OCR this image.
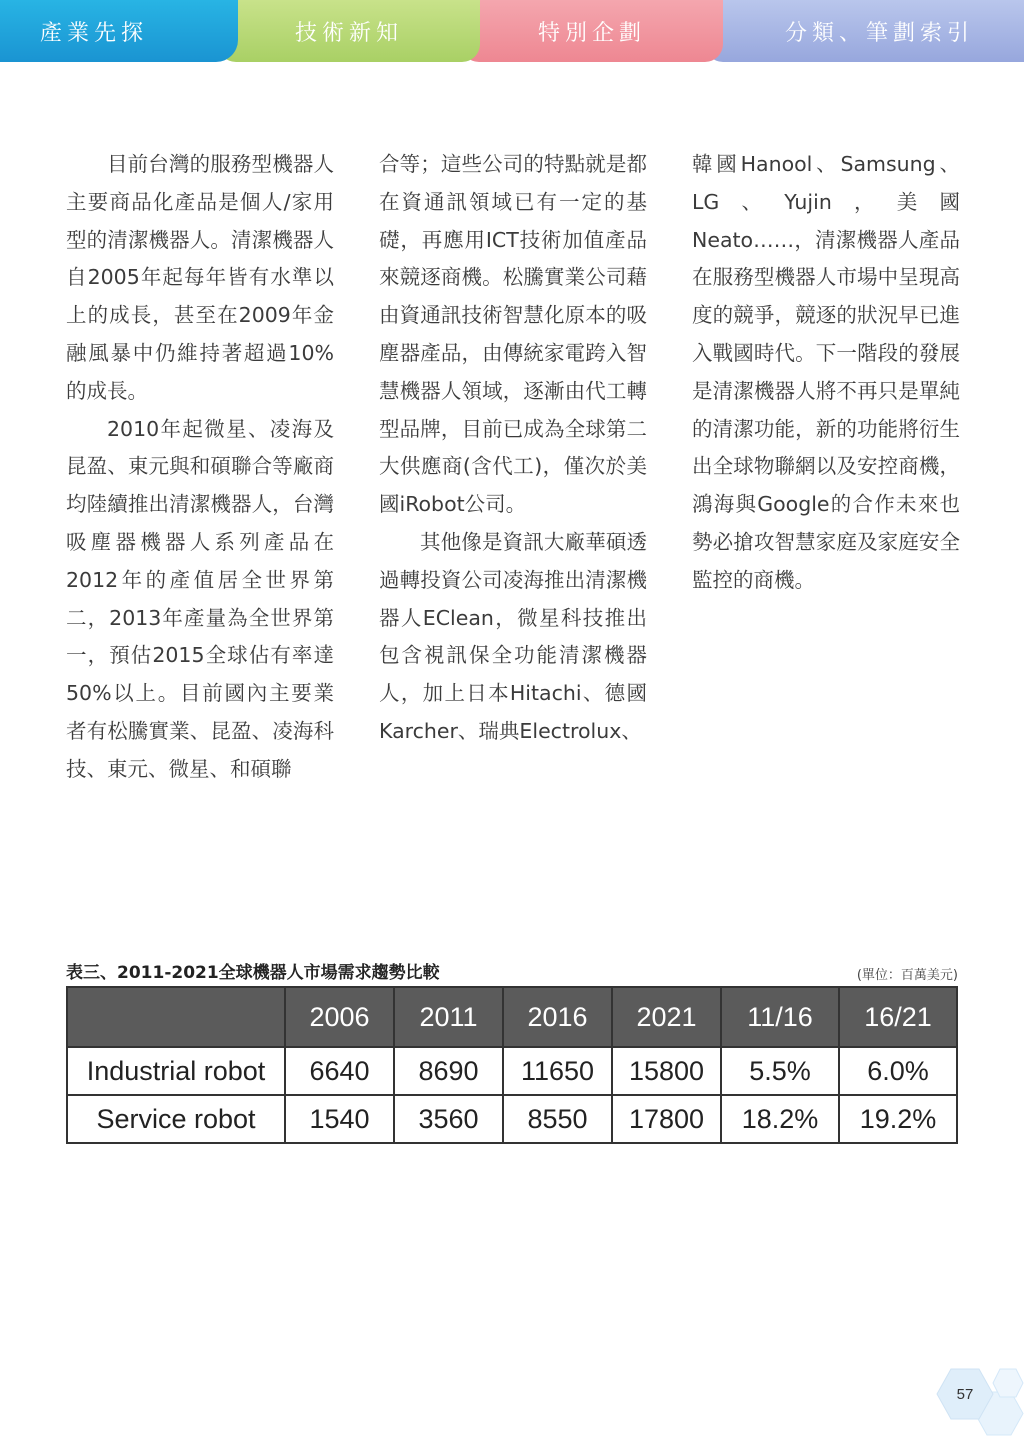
分類、筆劃索引
特別企劃
技術新知
產業先探

目前台灣的服務型機器人主要商品化產品是個人/家用型的清潔機器人。清潔機器人自2005年起每年皆有水準以上的成長，甚至在2009年金融風暴中仍維持著超過10%的成長。

2010年起微星、凌海及昆盈、東元與和碩聯合等廠商均陸續推出清潔機器人，台灣吸塵器機器人系列產品在2012年的產值居全世界第二，2013年產量為全世界第一，預估2015全球佔有率達50%以上。目前國內主要業者有松騰實業、昆盈、凌海科技、東元、微星、和碩聯

合等；這些公司的特點就是都在資通訊領域已有一定的基礎，再應用ICT技術加值產品來競逐商機。松騰實業公司藉由資通訊技術智慧化原本的吸塵器產品，由傳統家電跨入智慧機器人領域，逐漸由代工轉型品牌，目前已成為全球第二大供應商(含代工)，僅次於美國iRobot公司。

其他像是資訊大廠華碩透過轉投資公司凌海推出清潔機器人EClean，微星科技推出包含視訊保全功能清潔機器人，加上日本Hitachi、德國Karcher、瑞典Electrolux、

韓國Hanool、Samsung、LG、Yujin，美國Neato……，清潔機器人產品在服務型機器人市場中呈現高度的競爭，競逐的狀況早已進入戰國時代。下一階段的發展是清潔機器人將不再只是單純的清潔功能，新的功能將衍生出全球物聯網以及安控商機，鴻海與Google的合作未來也勢必搶攻智慧家庭及家庭安全監控的商機。

表三、2011-2021全球機器人市場需求趨勢比較	(單位：百萬美元)
	2006	2011	2016	2021	11/16	16/21
Industrial robot	6640	8690	11650	15800	5.5%	6.0%
Service robot	1540	3560	8550	17800	18.2%	19.2%
57
